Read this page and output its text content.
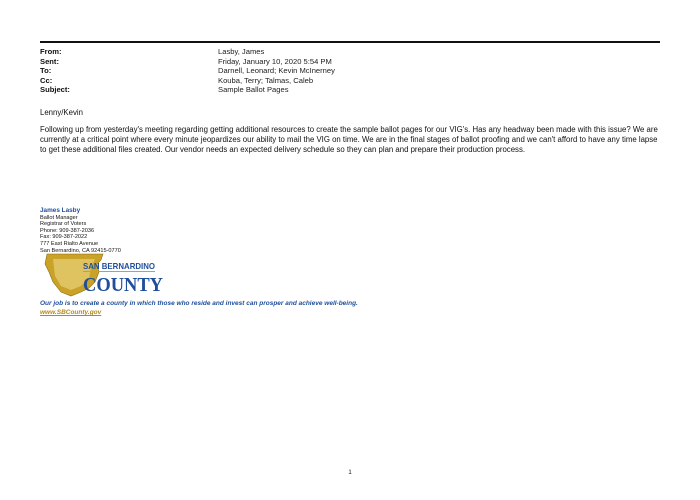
From:	Lasby, James
Sent:	Friday, January 10, 2020 5:54 PM
To:	Darnell, Leonard; Kevin McInerney
Cc:	Kouba, Terry; Talmas, Caleb
Subject:	Sample Ballot Pages
Lenny/Kevin
Following up from yesterday's meeting regarding getting additional resources to create the sample ballot pages for our VIG's. Has any headway been made with this issue? We are currently at a critical point where every minute jeopardizes our ability to mail the VIG on time. We are in the final stages of ballot proofing and we can't afford to have any time lapse to get these additional files created. Our vendor needs an expected delivery schedule so they can plan and prepare their production process.
James Lasby
Ballot Manager
Registrar of Voters
Phone: 909-387-2036
Fax: 909-387-2022
777 East Rialto Avenue
San Bernardino, CA 92415-0770
SAN BERNARDINO
COUNTY
Our job is to create a county in which those who reside and invest can prosper and achieve well-being.
www.SBCounty.gov
1
